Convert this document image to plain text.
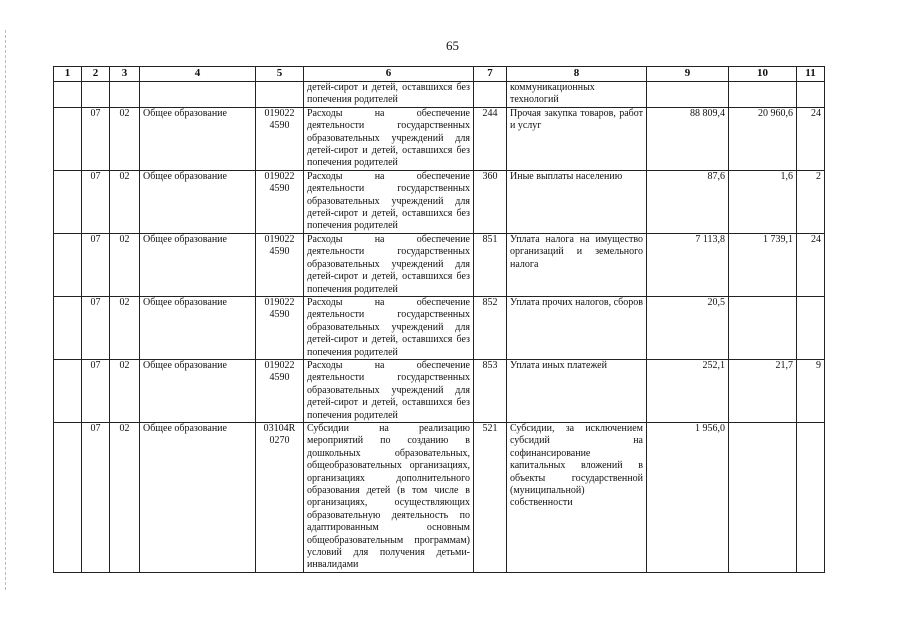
65
1	2	3	4	5	6	7	8	9	10	11
					детей-сирот и детей, оставшихся без попечения родителей		коммуникационных технологий			
	07	02	Общее образование	019022 4590	Расходы на обеспечение деятельности государственных образовательных учреждений для детей-сирот и детей, оставшихся без попечения родителей	244	Прочая закупка товаров, работ и услуг	88 809,4	20 960,6	24
	07	02	Общее образование	019022 4590	Расходы на обеспечение деятельности государственных образовательных учреждений для детей-сирот и детей, оставшихся без попечения родителей	360	Иные выплаты населению	87,6	1,6	2
	07	02	Общее образование	019022 4590	Расходы на обеспечение деятельности государственных образовательных учреждений для детей-сирот и детей, оставшихся без попечения родителей	851	Уплата налога на имущество организаций и земельного налога	7 113,8	1 739,1	24
	07	02	Общее образование	019022 4590	Расходы на обеспечение деятельности государственных образовательных учреждений для детей-сирот и детей, оставшихся без попечения родителей	852	Уплата прочих налогов, сборов	20,5		
	07	02	Общее образование	019022 4590	Расходы на обеспечение деятельности государственных образовательных учреждений для детей-сирот и детей, оставшихся без попечения родителей	853	Уплата иных платежей	252,1	21,7	9
	07	02	Общее образование	03104R 0270	Субсидии на реализацию мероприятий по созданию в дошкольных образовательных, общеобразовательных организациях, организациях дополнительного образования детей (в том числе в организациях, осуществляющих образовательную деятельность по адаптированным основным общеобразовательным программам) условий для получения детьми-инвалидами	521	Субсидии, за исключением субсидий на софинансирование капитальных вложений в объекты государственной (муниципальной) собственности	1 956,0		
